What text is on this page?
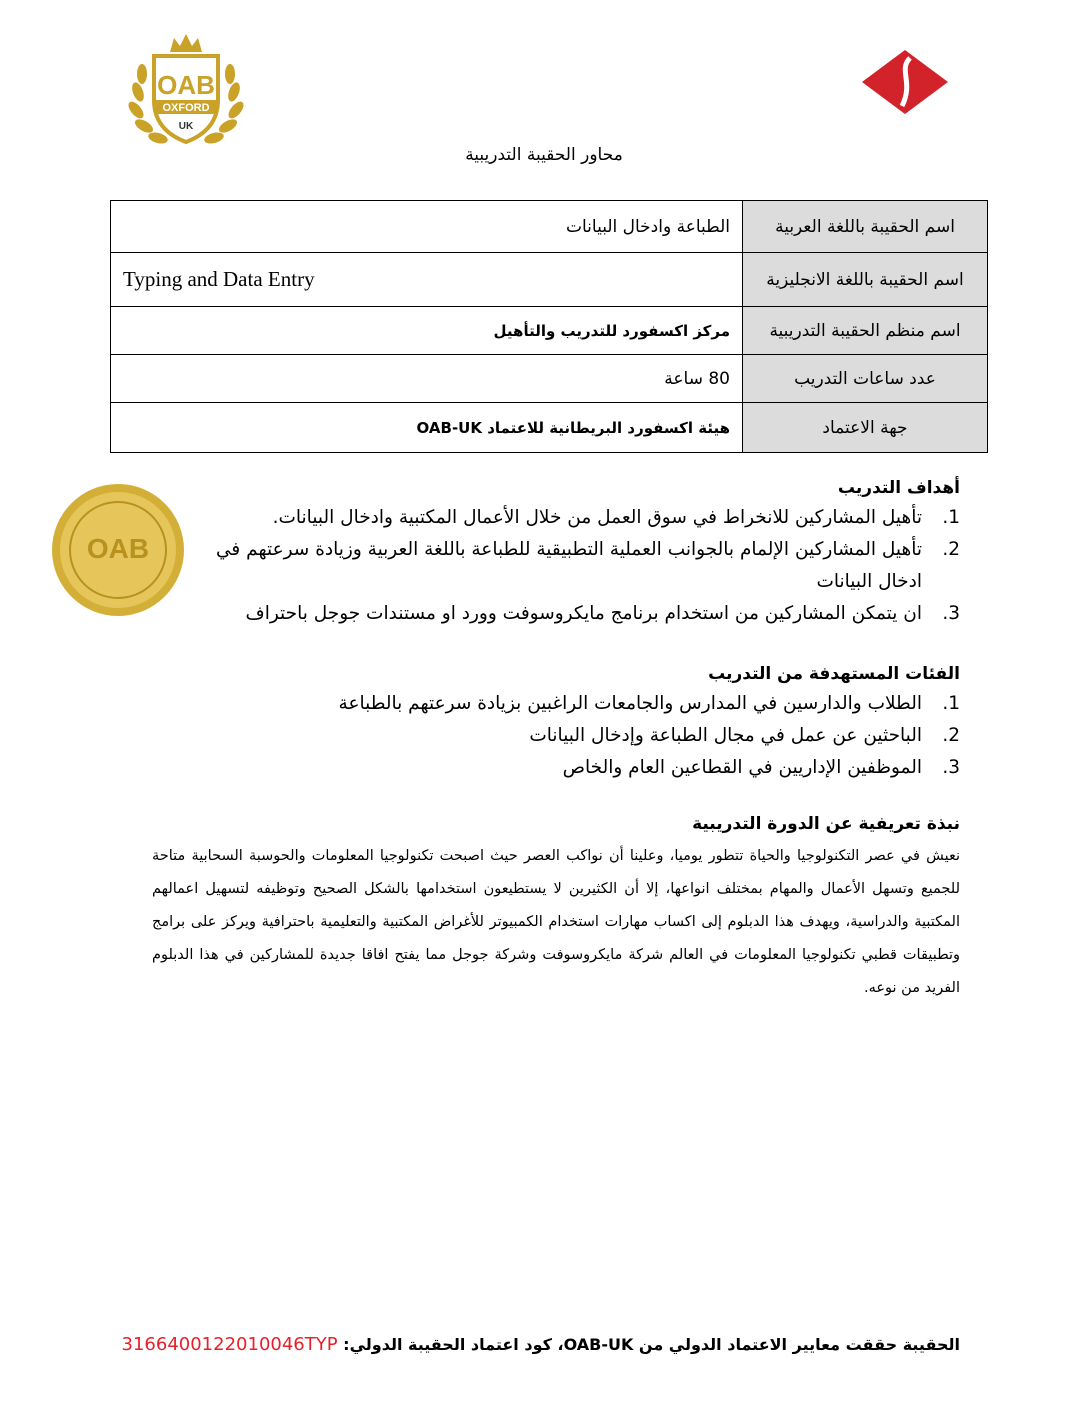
OAB
OXFORD
UK
محاور الحقيبة التدريبية
اسم الحقيبة باللغة العربية	الطباعة وادخال البيانات
اسم الحقيبة باللغة الانجليزية	Typing and Data Entry
اسم منظم الحقيبة التدريبية	مركز اكسفورد للتدريب والتأهيل
عدد ساعات التدريب	80 ساعة
جهة الاعتماد	هيئة اكسفورد البريطانية للاعتماد OAB-UK
OAB
أهداف التدريب
1.
تأهيل المشاركين للانخراط في سوق العمل من خلال الأعمال المكتبية وادخال البيانات.
2.
تأهيل المشاركين الإلمام بالجوانب العملية التطبيقية للطباعة باللغة العربية وزيادة سرعتهم في ادخال البيانات
3.
ان يتمكن المشاركين من استخدام برنامج مايكروسوفت وورد او مستندات جوجل باحتراف
الفئات المستهدفة من التدريب
1.
الطلاب والدارسين في المدارس والجامعات الراغبين بزيادة سرعتهم بالطباعة
2.
الباحثين عن عمل في مجال الطباعة وإدخال البيانات
3.
الموظفين الإداريين في القطاعين العام والخاص
نبذة تعريفية عن الدورة التدريبية

نعيش في عصر التكنولوجيا والحياة تتطور يوميا، وعلينا أن نواكب العصر حيث اصبحت تكنولوجيا المعلومات والحوسبة السحابية متاحة للجميع وتسهل الأعمال والمهام بمختلف انواعها، إلا أن الكثيرين لا يستطيعون استخدامها بالشكل الصحيح وتوظيفه لتسهيل اعمالهم المكتبية والدراسية، ويهدف هذا الدبلوم إلى اكساب مهارات استخدام الكمبيوتر للأغراض المكتبية والتعليمية باحترافية ويركز على برامج وتطبيقات قطبي تكنولوجيا المعلومات في العالم شركة مايكروسوفت وشركة جوجل مما يفتح افاقا جديدة للمشاركين في هذا الدبلوم الفريد من نوعه.

الحقيبة حققت معايير الاعتماد الدولي من OAB-UK، كود اعتماد الحقيبة الدولي: 3166400122010046TYP
